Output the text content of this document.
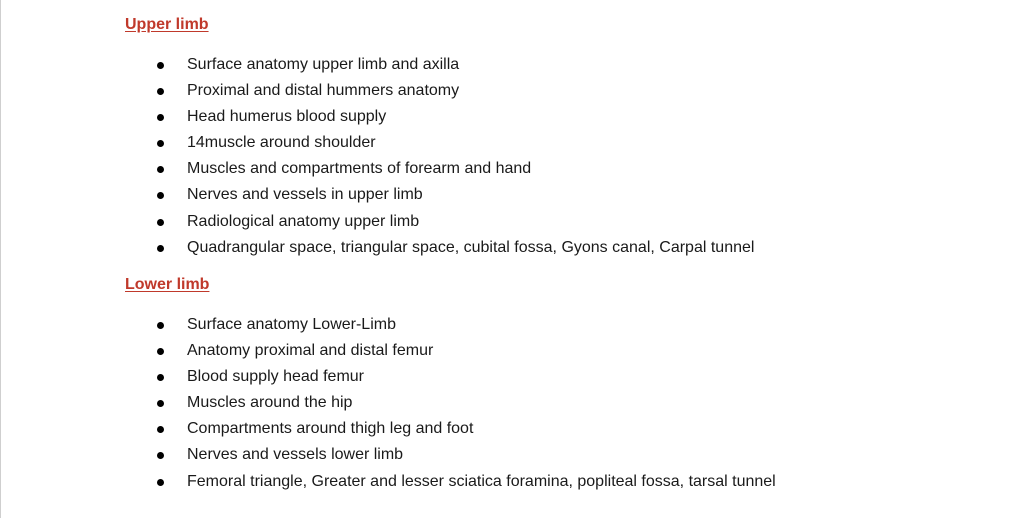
Upper limb
Surface anatomy upper limb and axilla
Proximal and distal hummers anatomy
Head humerus blood supply
14muscle around shoulder
Muscles and compartments of forearm and hand
Nerves and vessels in upper limb
Radiological anatomy upper limb
Quadrangular space, triangular space, cubital fossa, Gyons canal, Carpal tunnel
Lower limb
Surface anatomy Lower-Limb
Anatomy proximal and distal femur
Blood supply head femur
Muscles around the hip
Compartments around thigh leg and foot
Nerves and vessels lower limb
Femoral triangle, Greater and lesser sciatica foramina, popliteal fossa, tarsal tunnel
